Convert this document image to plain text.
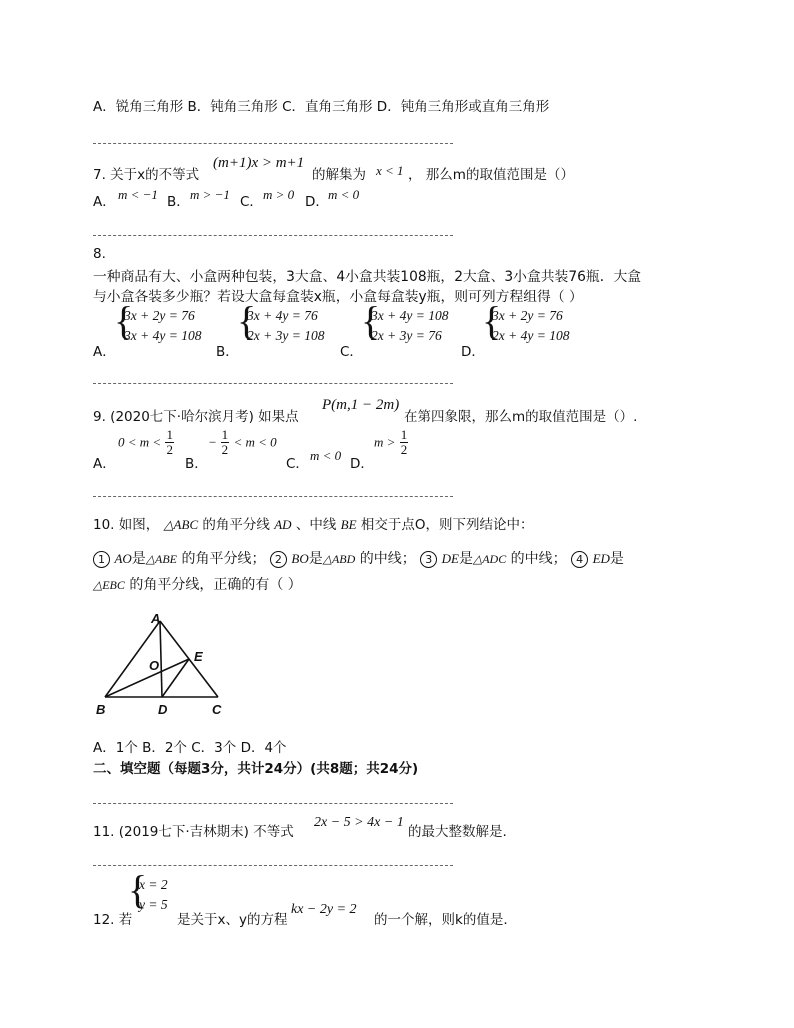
A．锐角三角形 B．钝角三角形 C．直角三角形 D．钝角三角形或直角三角形
7. 关于x的不等式
(m+1)x > m+1
的解集为 x < 1 ， 那么m的取值范围是（）
A． m < −1 B． m > −1 C． m > 0 D． m < 0
8.
一种商品有大、小盒两种包装，3大盒、4小盒共装108瓶，2大盒、3小盒共装76瓶．大盒
与小盒各装多少瓶？若设大盒每盒装x瓶，小盒每盒装y瓶，则可列方程组得（ ）
A．
{
3x + 2y = 76
3x + 4y = 108
B．
{
3x + 4y = 76
2x + 3y = 108
C．
{
3x + 4y = 108
2x + 3y = 76
D．
{
3x + 2y = 76
2x + 4y = 108
9. (2020七下·哈尔滨月考) 如果点
P(m,1 − 2m)
在第四象限，那么m的取值范围是（）.
A．
$0 < m < \frac{1}{2}$
B．
− $\frac{1}{2} < m < 0$
C．
m < 0
D．
$m > \frac{1}{2}$
10. 如图， △ABC 的角平分线 AD 、中线 BE 相交于点O，则下列结论中：
1 AO是△ABE 的角平分线； 2 BO是△ABD 的中线； 3 DE是△ADC 的中线； 4 ED是
△EBC 的角平分线，正确的有（ ）
A
B	D	C
E
O
A．1个 B．2个 C．3个 D．4个
二、填空题（每题3分，共计24分）(共8题；共24分)
11. (2019七下·吉林期末) 不等式
2x − 5 > 4x − 1
的最大整数解是.
12. 若
{
x = 2
y = 5
是关于x、y的方程
kx − 2y = 2
的一个解，则k的值是.
